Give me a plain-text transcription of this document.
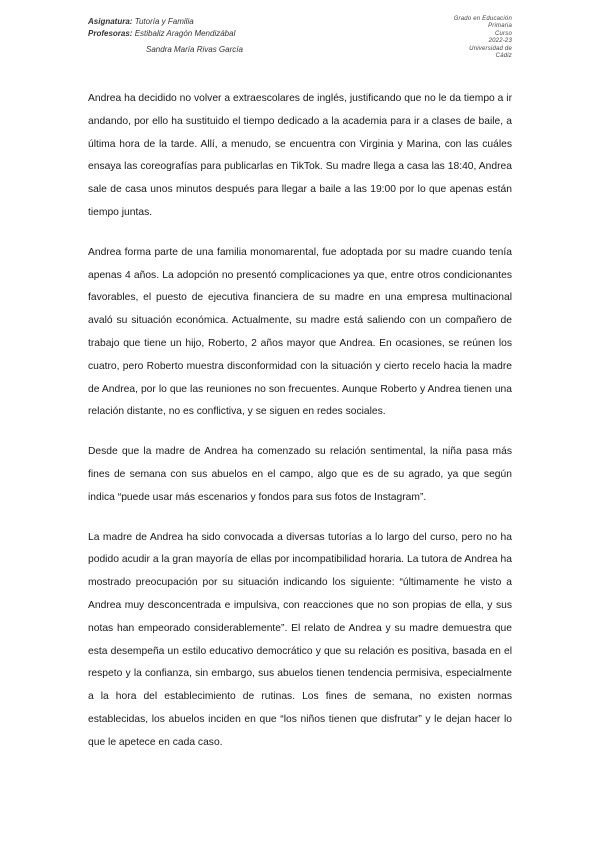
Asignatura: Tutoría y Familia
Profesoras: Estibaliz Aragón Mendizábal
Sandra María Rivas García
Grado en Educación
Primaria
Curso
2022-23
Universidad de
Cádiz

Andrea ha decidido no volver a extraescolares de inglés, justificando que no le da tiempo a ir andando, por ello ha sustituido el tiempo dedicado a la academia para ir a clases de baile, a última hora de la tarde. Allí, a menudo, se encuentra con Virginia y Marina, con las cuáles ensaya las coreografías para publicarlas en TikTok. Su madre llega a casa las 18:40, Andrea sale de casa unos minutos después para llegar a baile a las 19:00 por lo que apenas están tiempo juntas.

Andrea forma parte de una familia monomarental, fue adoptada por su madre cuando tenía apenas 4 años. La adopción no presentó complicaciones ya que, entre otros condicionantes favorables, el puesto de ejecutiva financiera de su madre en una empresa multinacional avaló su situación económica. Actualmente, su madre está saliendo con un compañero de trabajo que tiene un hijo, Roberto, 2 años mayor que Andrea. En ocasiones, se reúnen los cuatro, pero Roberto muestra disconformidad con la situación y cierto recelo hacia la madre de Andrea, por lo que las reuniones no son frecuentes. Aunque Roberto y Andrea tienen una relación distante, no es conflictiva, y se siguen en redes sociales.

Desde que la madre de Andrea ha comenzado su relación sentimental, la niña pasa más fines de semana con sus abuelos en el campo, algo que es de su agrado, ya que según indica “puede usar más escenarios y fondos para sus fotos de Instagram”.

La madre de Andrea ha sido convocada a diversas tutorías a lo largo del curso, pero no ha podido acudir a la gran mayoría de ellas por incompatibilidad horaria. La tutora de Andrea ha mostrado preocupación por su situación indicando los siguiente: “últimamente he visto a Andrea muy desconcentrada e impulsiva, con reacciones que no son propias de ella, y sus notas han empeorado considerablemente”. El relato de Andrea y su madre demuestra que esta desempeña un estilo educativo democrático y que su relación es positiva, basada en el respeto y la confianza, sin embargo, sus abuelos tienen tendencia permisiva, especialmente a la hora del establecimiento de rutinas. Los fines de semana, no existen normas establecidas, los abuelos inciden en que “los niños tienen que disfrutar” y le dejan hacer lo que le apetece en cada caso.
